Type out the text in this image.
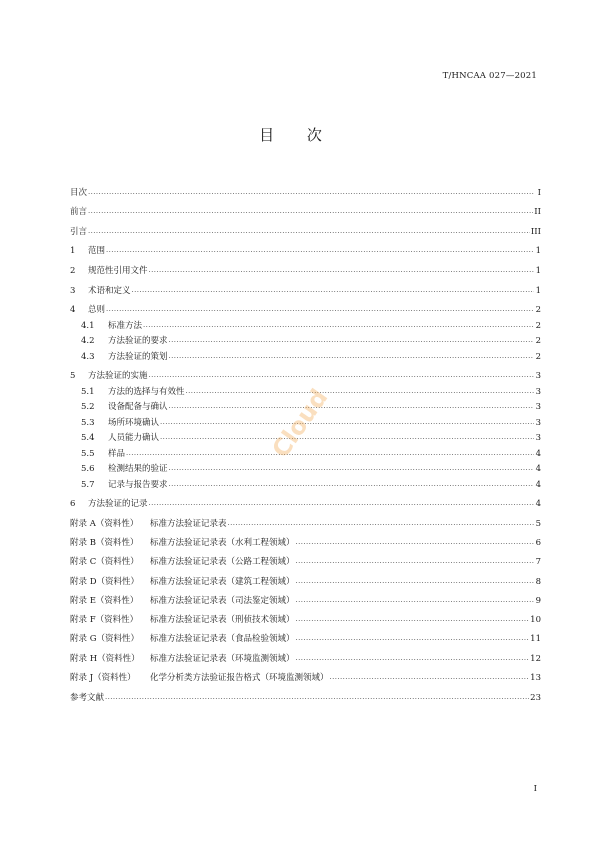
T/HNCAA 027—2021
目 次
目次 ·····	I
前言 ·····	II
引言 ·····	III
1	范围 ·····	1
2	规范性引用文件 ·····	1
3	术语和定义 ·····	1
4	总则 ·····	2
4.1	标准方法 ·····	2
4.2	方法验证的要求 ·····	2
4.3	方法验证的策划 ·····	2
5	方法验证的实施 ·····	3
5.1	方法的选择与有效性 ·····	3
5.2	设备配备与确认 ·····	3
5.3	场所环境确认 ·····	3
5.4	人员能力确认 ·····	3
5.5	样品 ·····	4
5.6	检测结果的验证 ·····	4
5.7	记录与报告要求 ·····	4
6	方法验证的记录 ·····	4
附录 A（资料性）	标准方法验证记录表 ·····	5
附录 B（资料性）	标准方法验证记录表（水利工程领域） ·····	6
附录 C（资料性）	标准方法验证记录表（公路工程领域） ·····	7
附录 D（资料性）	标准方法验证记录表（建筑工程领域） ·····	8
附录 E（资料性）	标准方法验证记录表（司法鉴定领域） ·····	9
附录 F（资料性）	标准方法验证记录表（刑侦技术领域） ·····	10
附录 G（资料性）	标准方法验证记录表（食品检验领域） ·····	11
附录 H（资料性）	标准方法验证记录表（环境监测领域） ·····	12
附录 J（资料性）	化学分析类方法验证报告格式（环境监测领域） ·····	13
参考文献 ·····	23
Cloud
I
